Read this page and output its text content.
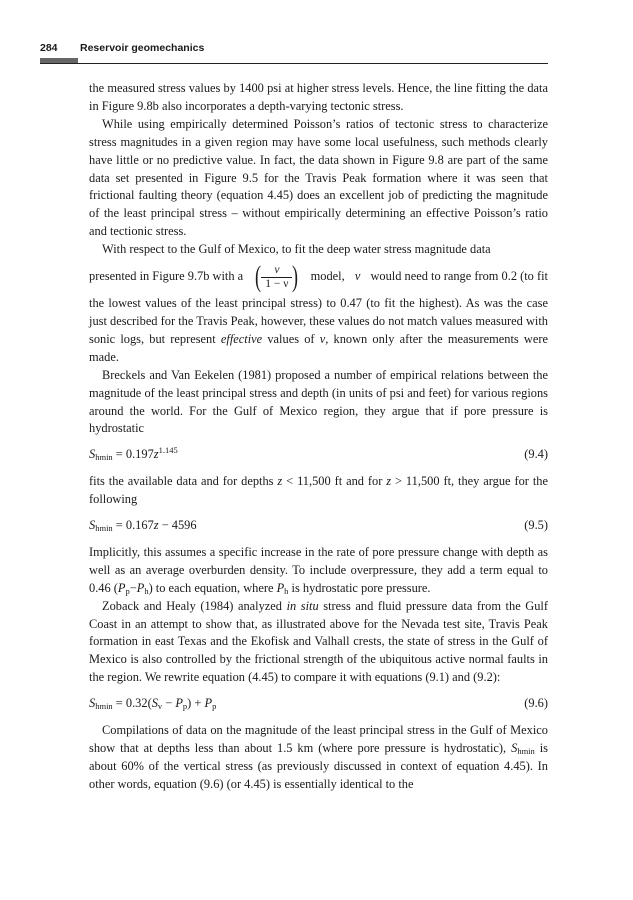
284 Reservoir geomechanics

the measured stress values by 1400 psi at higher stress levels. Hence, the line fitting the data in Figure 9.8b also incorporates a depth-varying tectonic stress.

While using empirically determined Poisson’s ratios of tectonic stress to characterize stress magnitudes in a given region may have some local usefulness, such methods clearly have little or no predictive value. In fact, the data shown in Figure 9.8 are part of the same data set presented in Figure 9.5 for the Travis Peak formation where it was seen that frictional faulting theory (equation 4.45) does an excellent job of predicting the magnitude of the least principal stress – without empirically determining an effective Poisson’s ratio and tectionic stress.

With respect to the Gulf of Mexico, to fit the deep water stress magnitude data

presented in Figure 9.7b with a ( $\frac{\nu}{1 - \nu}$ ) model, ν would need to range from 0.2 (to fit

the lowest values of the least principal stress) to 0.47 (to fit the highest). As was the case just described for the Travis Peak, however, these values do not match values measured with sonic logs, but represent effective values of ν, known only after the measurements were made.

Breckels and Van Eekelen (1981) proposed a number of empirical relations between the magnitude of the least principal stress and depth (in units of psi and feet) for various regions around the world. For the Gulf of Mexico region, they argue that if pore pressure is hydrostatic

$S_{hmin} = 0.197z^{1.145}$	(9.4)

fits the available data and for depths z < 11,500 ft and for z > 11,500 ft, they argue for the following

$S_{hmin} = 0.167z - 4596$	(9.5)

Implicitly, this assumes a specific increase in the rate of pore pressure change with depth as well as an average overburden density. To include overpressure, they add a term equal to 0.46 $(P_p-P_h)$ to each equation, where $P_h$ is hydrostatic pore pressure.

Zoback and Healy (1984) analyzed in situ stress and fluid pressure data from the Gulf Coast in an attempt to show that, as illustrated above for the Nevada test site, Travis Peak formation in east Texas and the Ekofisk and Valhall crests, the state of stress in the Gulf of Mexico is also controlled by the frictional strength of the ubiquitous active normal faults in the region. We rewrite equation (4.45) to compare it with equations (9.1) and (9.2):

$S_{hmin} = 0.32(S_v - P_p) + P_p$	(9.6)

Compilations of data on the magnitude of the least principal stress in the Gulf of Mexico show that at depths less than about 1.5 km (where pore pressure is hydrostatic), $S_{hmin}$ is about 60% of the vertical stress (as previously discussed in context of equation 4.45). In other words, equation (9.6) (or 4.45) is essentially identical to the
